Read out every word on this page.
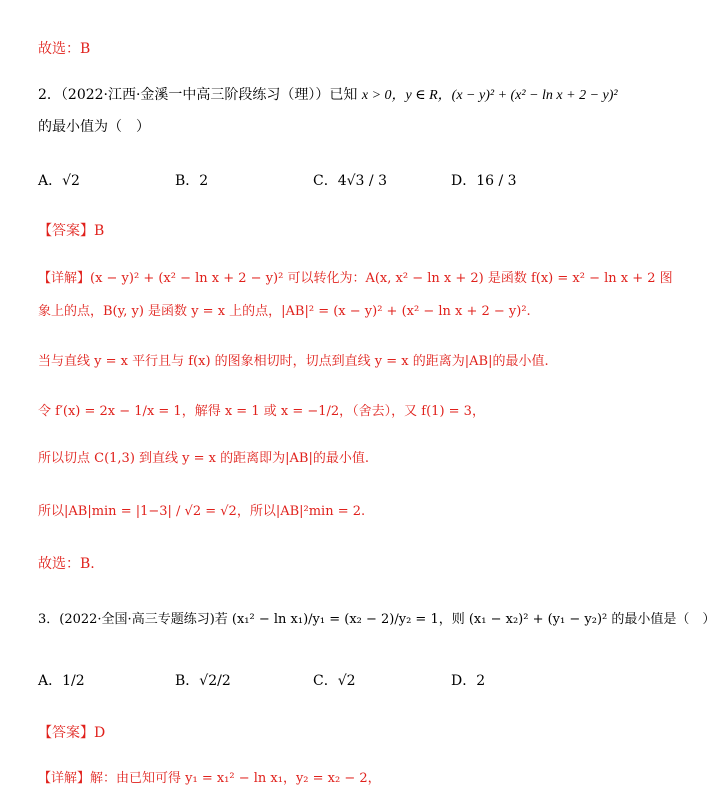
故选：B
2．（2022·江西·金溪一中高三阶段练习（理））已知 x > 0，y ∈ R，(x − y)² + (x² − ln x + 2 − y)²
的最小值为（　）
A．√2	B．2	C．4√3 / 3	D．16 / 3
【答案】B
【详解】(x − y)² + (x² − ln x + 2 − y)² 可以转化为：A(x, x² − ln x + 2) 是函数 f(x) = x² − ln x + 2 图
象上的点，B(y, y) 是函数 y = x 上的点，|AB|² = (x − y)² + (x² − ln x + 2 − y)².
当与直线 y = x 平行且与 f(x) 的图象相切时，切点到直线 y = x 的距离为|AB|的最小值.
令 f′(x) = 2x − 1/x = 1，解得 x = 1 或 x = −1/2，（舍去），又 f(1) = 3，
所以切点 C(1,3) 到直线 y = x 的距离即为|AB|的最小值.
所以|AB|min = |1−3| / √2 = √2，所以|AB|²min = 2.
故选：B.
3．(2022·全国·高三专题练习)若 (x₁² − ln x₁)/y₁ = (x₂ − 2)/y₂ = 1，则 (x₁ − x₂)² + (y₁ − y₂)² 的最小值是（　）
A．1/2	B．√2/2	C．√2	D．2
【答案】D
【详解】解：由已知可得 y₁ = x₁² − ln x₁，y₂ = x₂ − 2，
